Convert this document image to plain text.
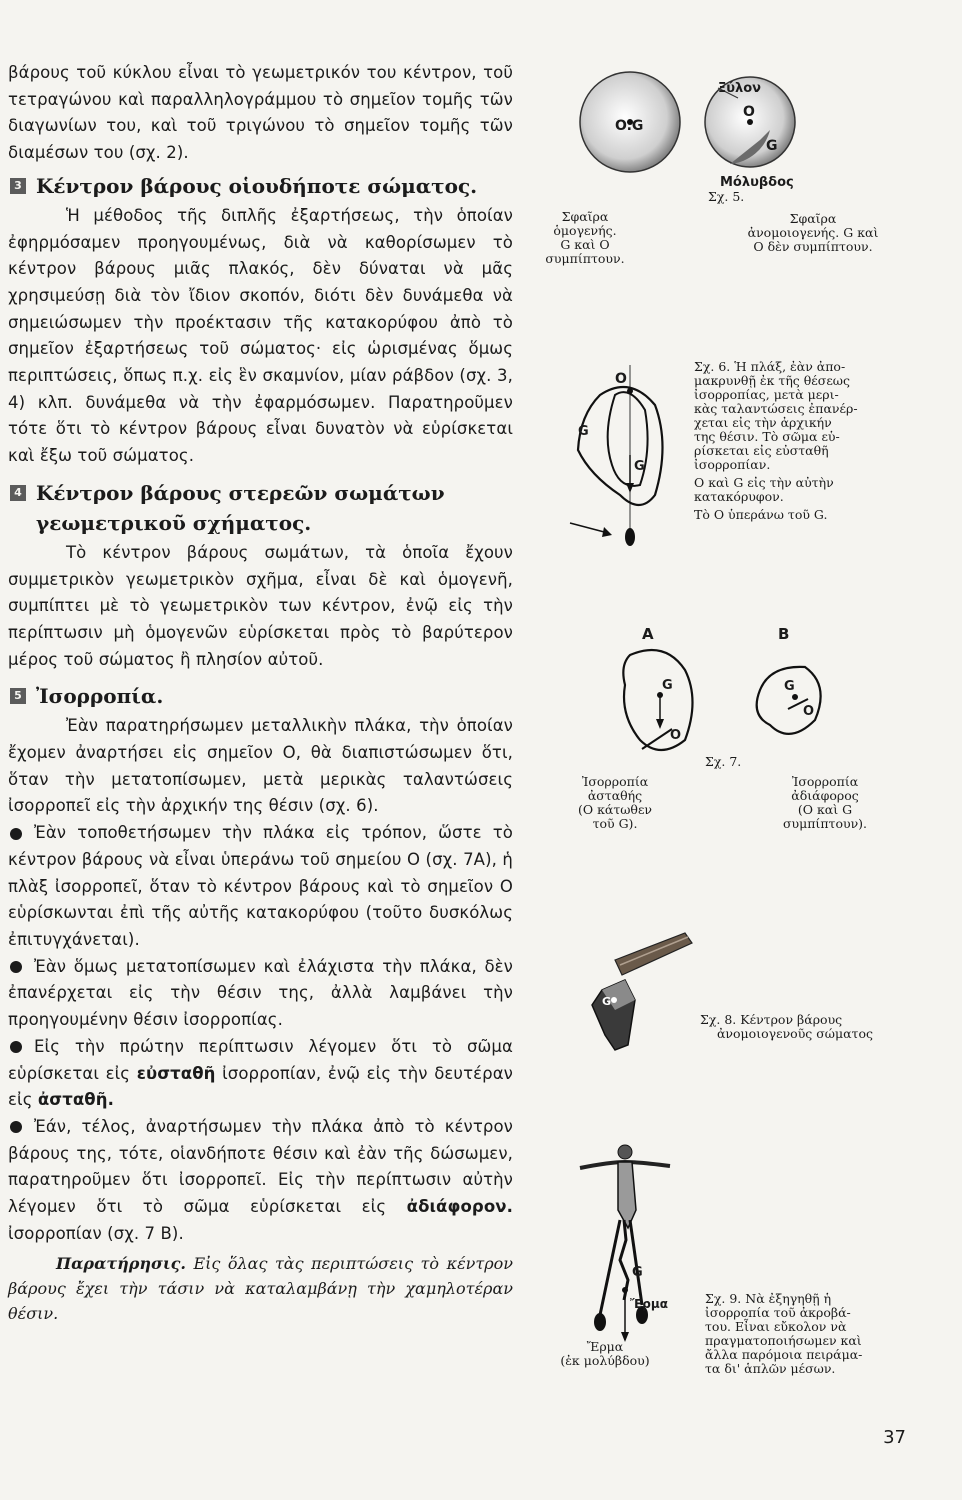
βάρους τοῦ κύκλου εἶναι τὸ γεωμετρικόν του κέντρον, τοῦ τετραγώνου καὶ παραλληλογράμμου τὸ σημεῖον τομῆς τῶν διαγωνίων του, καὶ τοῦ τριγώνου τὸ σημεῖον τομῆς τῶν διαμέσων του (σχ. 2).

3 Κέντρον βάρους οἱουδήποτε σώματος.

Ἡ μέθοδος τῆς διπλῆς ἐξαρτήσεως, τὴν ὁποίαν ἐφηρμόσαμεν προηγουμένως, διὰ νὰ καθορίσωμεν τὸ κέντρον βάρους μιᾶς πλακός, δὲν δύναται νὰ μᾶς χρησιμεύσῃ διὰ τὸν ἴδιον σκοπόν, διότι δὲν δυνάμεθα νὰ σημειώσωμεν τὴν προέκτασιν τῆς κατακορύφου ἀπὸ τὸ σημεῖον ἐξαρτήσεως τοῦ σώματος· εἰς ὡρισμένας ὅμως περιπτώσεις, ὅπως π.χ. εἰς ἓν σκαμνίον, μίαν ράβδον (σχ. 3, 4) κλπ. δυνάμεθα νὰ τὴν ἐφαρμόσωμεν. Παρατηροῦμεν τότε ὅτι τὸ κέντρον βάρους εἶναι δυνατὸν νὰ εὑρίσκεται καὶ ἔξω τοῦ σώματος.

4 Κέντρον βάρους στερεῶν σωμάτων γεωμετρικοῦ σχήματος.

Τὸ κέντρον βάρους σωμάτων, τὰ ὁποῖα ἔχουν συμμετρικὸν γεωμετρικὸν σχῆμα, εἶναι δὲ καὶ ὁμογενῆ, συμπίπτει μὲ τὸ γεωμετρικὸν των κέντρον, ἐνῷ εἰς τὴν περίπτωσιν μὴ ὁμογενῶν εὑρίσκεται πρὸς τὸ βαρύτερον μέρος τοῦ σώματος ἢ πλησίον αὐτοῦ.

5 Ἰσορροπία.

Ἐὰν παρατηρήσωμεν μεταλλικὴν πλάκα, τὴν ὁποίαν ἔχομεν ἀναρτήσει εἰς σημεῖον Ο, θὰ διαπιστώσωμεν ὅτι, ὅταν τὴν μετατοπίσωμεν, μετὰ μερικὰς ταλαντώσεις ἰσορροπεῖ εἰς τὴν ἀρχικήν της θέσιν (σχ. 6).

Ἐὰν τοποθετήσωμεν τὴν πλάκα εἰς τρόπον, ὥστε τὸ κέντρον βάρους νὰ εἶναι ὑπεράνω τοῦ σημείου Ο (σχ. 7Α), ἡ πλὰξ ἰσορροπεῖ, ὅταν τὸ κέντρον βάρους καὶ τὸ σημεῖον Ο εὑρίσκωνται ἐπὶ τῆς αὐτῆς κατακορύφου (τοῦτο δυσκόλως ἐπιτυγχάνεται).

Ἐὰν ὅμως μετατοπίσωμεν καὶ ἐλάχιστα τὴν πλάκα, δὲν ἐπανέρχεται εἰς τὴν θέσιν της, ἀλλὰ λαμβάνει τὴν προηγουμένην θέσιν ἰσορροπίας.

Εἰς τὴν πρώτην περίπτωσιν λέγομεν ὅτι τὸ σῶμα εὑρίσκεται εἰς εὐσταθῆ ἰσορροπίαν, ἐνῷ εἰς τὴν δευτέραν εἰς ἀσταθῆ.

Ἐάν, τέλος, ἀναρτήσωμεν τὴν πλάκα ἀπὸ τὸ κέντρον βάρους της, τότε, οἱανδήποτε θέσιν καὶ ἐὰν τῆς δώσωμεν, παρατηροῦμεν ὅτι ἰσορροπεῖ. Εἰς τὴν περίπτωσιν αὐτὴν λέγομεν ὅτι τὸ σῶμα εὑρίσκεται εἰς ἀδιάφορον. ἰσορροπίαν (σχ. 7 Β).

Παρατήρησις. Εἰς ὅλας τὰς περιπτώσεις τὸ κέντρον βάρους ἔχει τὴν τάσιν νὰ καταλαμβάνῃ τὴν χαμηλοτέραν θέσιν.

O.G
O
G
Ξύλον
Μόλυβδος
Σχ. 5.
Σφαῖρα
ὁμογενής.
G καὶ O
συμπίπτουν.
Σφαῖρα
ἀνομοιογενής. G καὶ
O δὲν συμπίπτουν.
O
G
G
Σχ. 6. Ἡ πλάξ, ἐὰν ἀπο-
μακρυνθῇ ἐκ τῆς θέσεως
ἰσορροπίας, μετὰ μερι-
κὰς ταλαντώσεις ἐπανέρ-
χεται εἰς τὴν ἀρχικήν
της θέσιν. Τὸ σῶμα εὑ-
ρίσκεται εἰς εὐσταθῆ
ἰσορροπίαν.
O καὶ G εἰς τὴν αὐτὴν
κατακόρυφον.
Τὸ O ὑπεράνω τοῦ G.
A
G
O
B
G
O
Σχ. 7.
Ἰσορροπία
ἀσταθής
(O κάτωθεν
τοῦ G).
Ἰσορροπία
ἀδιάφορος
(O καὶ G
συμπίπτουν).
G
Σχ. 8. Κέντρον βάρους
ἀνομοιογενοῦς σώματος
G
Ἔρμα
Ἔρμα
(ἐκ μολύβδου)
Σχ. 9. Νὰ ἐξηγηθῇ ἡ
ἰσορροπία τοῦ ἀκροβά-
του. Εἶναι εὔκολον νὰ
πραγματοποιήσωμεν καὶ
ἄλλα παρόμοια πειράμα-
τα δι' ἁπλῶν μέσων.
37
